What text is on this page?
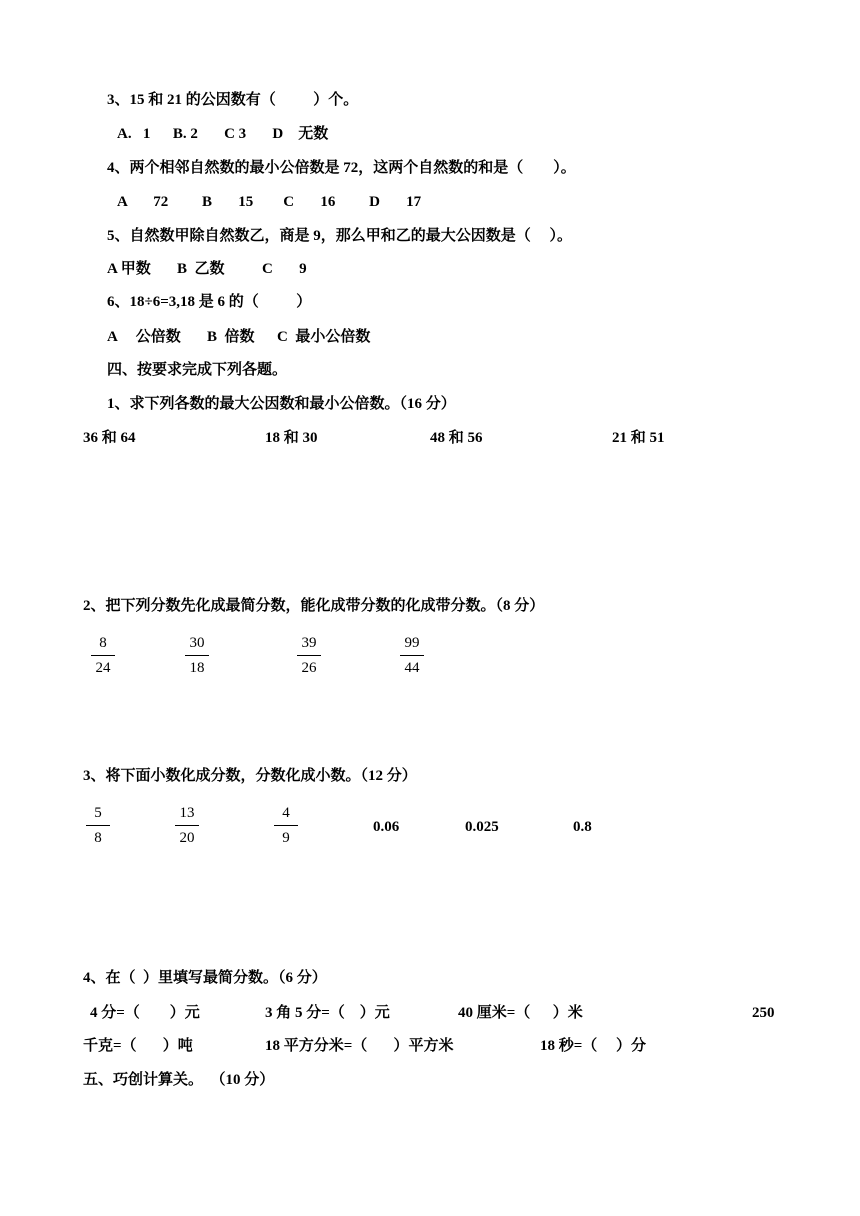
3、15 和 21 的公因数有（          ）个。
A.   1      B. 2       C 3       D    无数
4、两个相邻自然数的最小公倍数是 72，这两个自然数的和是（        ）。
A       72         B       15        C       16         D       17
5、自然数甲除自然数乙，商是 9，那么甲和乙的最大公因数是（     ）。
A 甲数       B  乙数          C       9
6、18÷6=3,18 是 6 的（          ）
A     公倍数       B  倍数      C  最小公倍数
四、按要求完成下列各题。
1、求下列各数的最大公因数和最小公倍数。（16 分）
36 和 64	18 和 30	48 和 56	21 和 51
2、把下列分数先化成最简分数，能化成带分数的化成带分数。（8 分）
8
24
30
18
39
26
99
44
3、将下面小数化成分数，分数化成小数。（12 分）
5
8
13
20
4
9
0.06	0.025	0.8
4、在（  ）里填写最简分数。（6 分）
4 分=（        ）元	3 角 5 分=（    ）元	40 厘米=（      ）米	250
千克=（       ）吨	18 平方分米=（       ）平方米	18 秒=（     ）分
五、巧创计算关。  （10 分）
